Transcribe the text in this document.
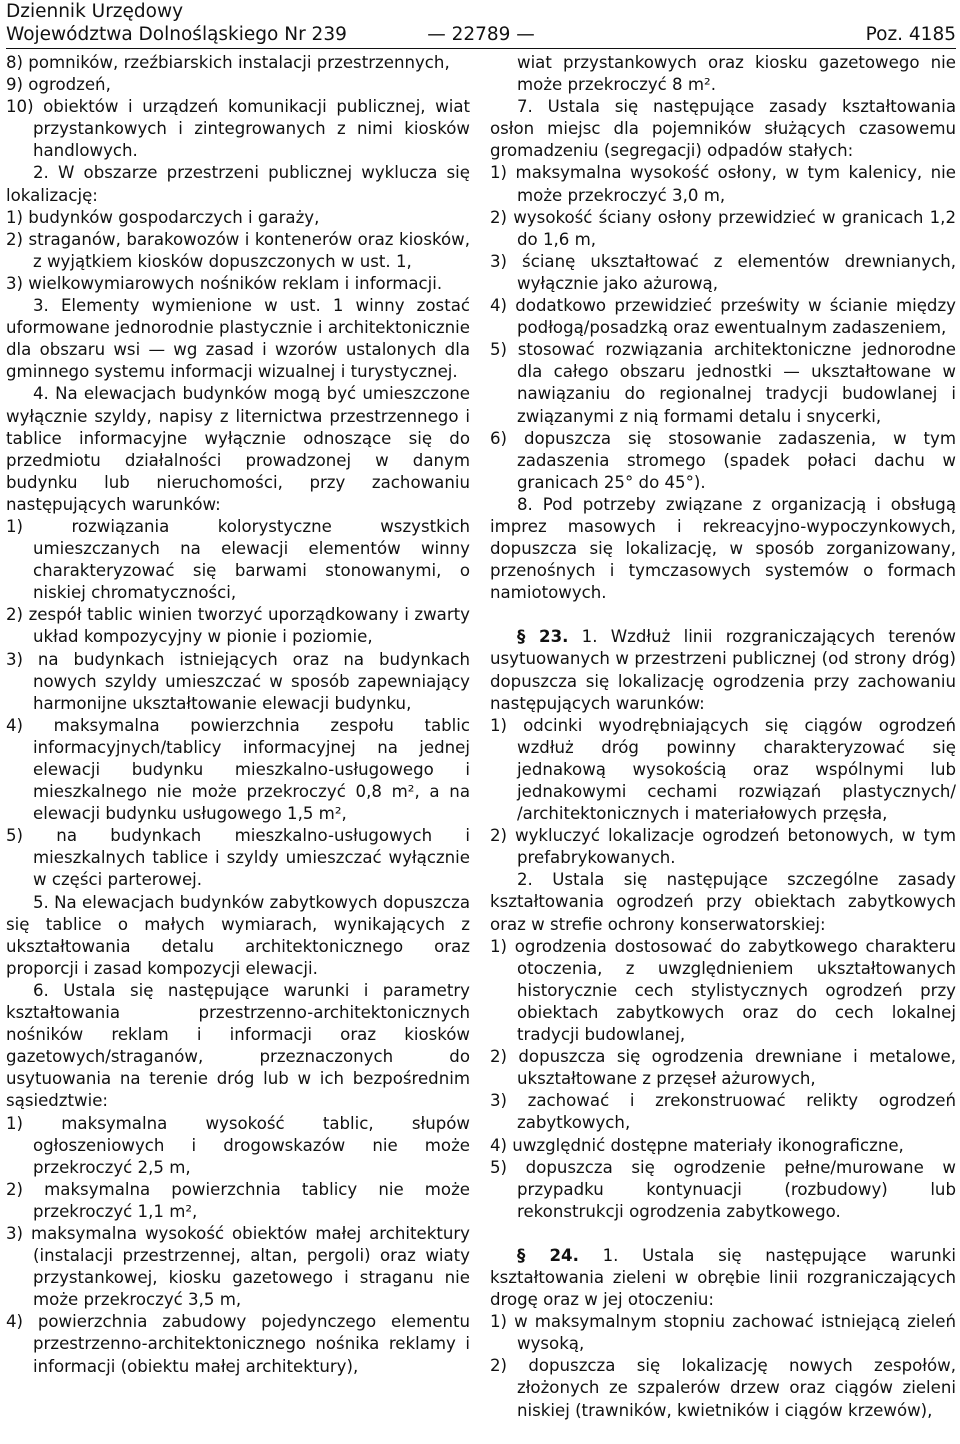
Dziennik Urzędowy
Województwa Dolnośląskiego Nr 239	— 22789 —	Poz. 4185

8) pomników, rzeźbiarskich instalacji przestrzennych,

9) ogrodzeń,

10) obiektów i urządzeń komunikacji publicznej, wiat przystankowych i zintegrowanych z nimi kiosków handlowych.

2. W obszarze przestrzeni publicznej wyklucza się lokalizację:

1) budynków gospodarczych i garaży,

2) straganów, barakowozów i kontenerów oraz kiosków, z wyjątkiem kiosków dopuszczonych w ust. 1,

3) wielkowymiarowych nośników reklam i informacji.

3. Elementy wymienione w ust. 1 winny zostać uformowane jednorodnie plastycznie i architektonicznie dla obszaru wsi — wg zasad i wzorów ustalonych dla gminnego systemu informacji wizualnej i turystycznej.

4. Na elewacjach budynków mogą być umieszczone wyłącznie szyldy, napisy z liternictwa przestrzennego i tablice informacyjne wyłącznie odnoszące się do przedmiotu działalności prowadzonej w danym budynku lub nieruchomości, przy zachowaniu następujących warunków:

1) rozwiązania kolorystyczne wszystkich umieszczanych na elewacji elementów winny charakteryzować się barwami stonowanymi, o niskiej chromatyczności,

2) zespół tablic winien tworzyć uporządkowany i zwarty układ kompozycyjny w pionie i poziomie,

3) na budynkach istniejących oraz na budynkach nowych szyldy umieszczać w sposób zapewniający harmonijne ukształtowanie elewacji budynku,

4) maksymalna powierzchnia zespołu tablic informacyjnych/tablicy informacyjnej na jednej elewacji budynku mieszkalno-usługowego i mieszkalnego nie może przekroczyć 0,8 m², a na elewacji budynku usługowego 1,5 m²,

5) na budynkach mieszkalno-usługowych i mieszkalnych tablice i szyldy umieszczać wyłącznie w części parterowej.

5. Na elewacjach budynków zabytkowych dopuszcza się tablice o małych wymiarach, wynikających z ukształtowania detalu architektonicznego oraz proporcji i zasad kompozycji elewacji.

6. Ustala się następujące warunki i parametry kształtowania przestrzenno-architektonicznych nośników reklam i informacji oraz kiosków gazetowych/straganów, przeznaczonych do usytuowania na terenie dróg lub w ich bezpośrednim sąsiedztwie:

1) maksymalna wysokość tablic, słupów ogłoszeniowych i drogowskazów nie może przekroczyć 2,5 m,

2) maksymalna powierzchnia tablicy nie może przekroczyć 1,1 m²,

3) maksymalna wysokość obiektów małej architektury (instalacji przestrzennej, altan, pergoli) oraz wiaty przystankowej, kiosku gazetowego i straganu nie może przekroczyć 3,5 m,

4) powierzchnia zabudowy pojedynczego elementu przestrzenno-architektonicznego nośnika reklamy i informacji (obiektu małej architektury),

wiat przystankowych oraz kiosku gazetowego nie może przekroczyć 8 m².

7. Ustala się następujące zasady kształtowania osłon miejsc dla pojemników służących czasowemu gromadzeniu (segregacji) odpadów stałych:

1) maksymalna wysokość osłony, w tym kalenicy, nie może przekroczyć 3,0 m,

2) wysokość ściany osłony przewidzieć w granicach 1,2 do 1,6 m,

3) ścianę ukształtować z elementów drewnianych, wyłącznie jako ażurową,

4) dodatkowo przewidzieć prześwity w ścianie między podłogą/posadzką oraz ewentualnym zadaszeniem,

5) stosować rozwiązania architektoniczne jednorodne dla całego obszaru jednostki — ukształtowane w nawiązaniu do regionalnej tradycji budowlanej i związanymi z nią formami detalu i snycerki,

6) dopuszcza się stosowanie zadaszenia, w tym zadaszenia stromego (spadek połaci dachu w granicach 25° do 45°).

8. Pod potrzeby związane z organizacją i obsługą imprez masowych i rekreacyjno-wypoczynkowych, dopuszcza się lokalizację, w sposób zorganizowany, przenośnych i tymczasowych systemów o formach namiotowych.

§ 23. 1. Wzdłuż linii rozgraniczających terenów usytuowanych w przestrzeni publicznej (od strony dróg) dopuszcza się lokalizację ogrodzenia przy zachowaniu następujących warunków:

1) odcinki wyodrębniających się ciągów ogrodzeń wzdłuż dróg powinny charakteryzować się jednakową wysokością oraz wspólnymi lub jednakowymi cechami rozwiązań plastycznych/ /architektonicznych i materiałowych przęsła,

2) wykluczyć lokalizacje ogrodzeń betonowych, w tym prefabrykowanych.

2. Ustala się następujące szczególne zasady kształtowania ogrodzeń przy obiektach zabytkowych oraz w strefie ochrony konserwatorskiej:

1) ogrodzenia dostosować do zabytkowego charakteru otoczenia, z uwzględnieniem ukształtowanych historycznie cech stylistycznych ogrodzeń przy obiektach zabytkowych oraz do cech lokalnej tradycji budowlanej,

2) dopuszcza się ogrodzenia drewniane i metalowe, ukształtowane z przęseł ażurowych,

3) zachować i zrekonstruować relikty ogrodzeń zabytkowych,

4) uwzględnić dostępne materiały ikonograficzne,

5) dopuszcza się ogrodzenie pełne/murowane w przypadku kontynuacji (rozbudowy) lub rekonstrukcji ogrodzenia zabytkowego.

§ 24. 1. Ustala się następujące warunki kształtowania zieleni w obrębie linii rozgraniczających drogę oraz w jej otoczeniu:

1) w maksymalnym stopniu zachować istniejącą zieleń wysoką,

2) dopuszcza się lokalizację nowych zespołów, złożonych ze szpalerów drzew oraz ciągów zieleni niskiej (trawników, kwietników i ciągów krzewów),
